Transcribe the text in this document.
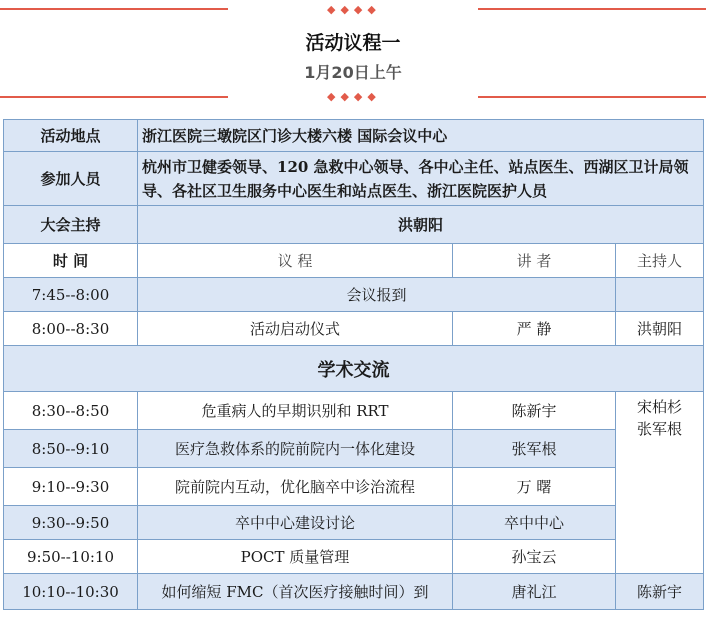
◆◆◆◆
活动议程一
1月20日上午
◆◆◆◆
活动地点	浙江医院三墩院区门诊大楼六楼 国际会议中心		
参加人员	杭州市卫健委领导、120 急救中心领导、各中心主任、站点医生、西湖区卫计局领导、各社区卫生服务中心医生和站点医生、浙江医院医护人员		
大会主持	洪朝阳		
时 间	议 程	讲 者	主持人
7:45--8:00	会议报到		
8:00--8:30	活动启动仪式	严 静	洪朝阳
学术交流			
8:30--8:50	危重病人的早期识别和 RRT	陈新宇	宋柏杉
张军根

8:50--9:10	医疗急救体系的院前院内一体化建设	张军根	
9:10--9:30	院前院内互动，优化脑卒中诊治流程	万 曙	
9:30--9:50	卒中中心建设讨论	卒中中心	
9:50--10:10	POCT 质量管理	孙宝云	
10:10--10:30	如何缩短 FMC（首次医疗接触时间）到	唐礼江	陈新宇
